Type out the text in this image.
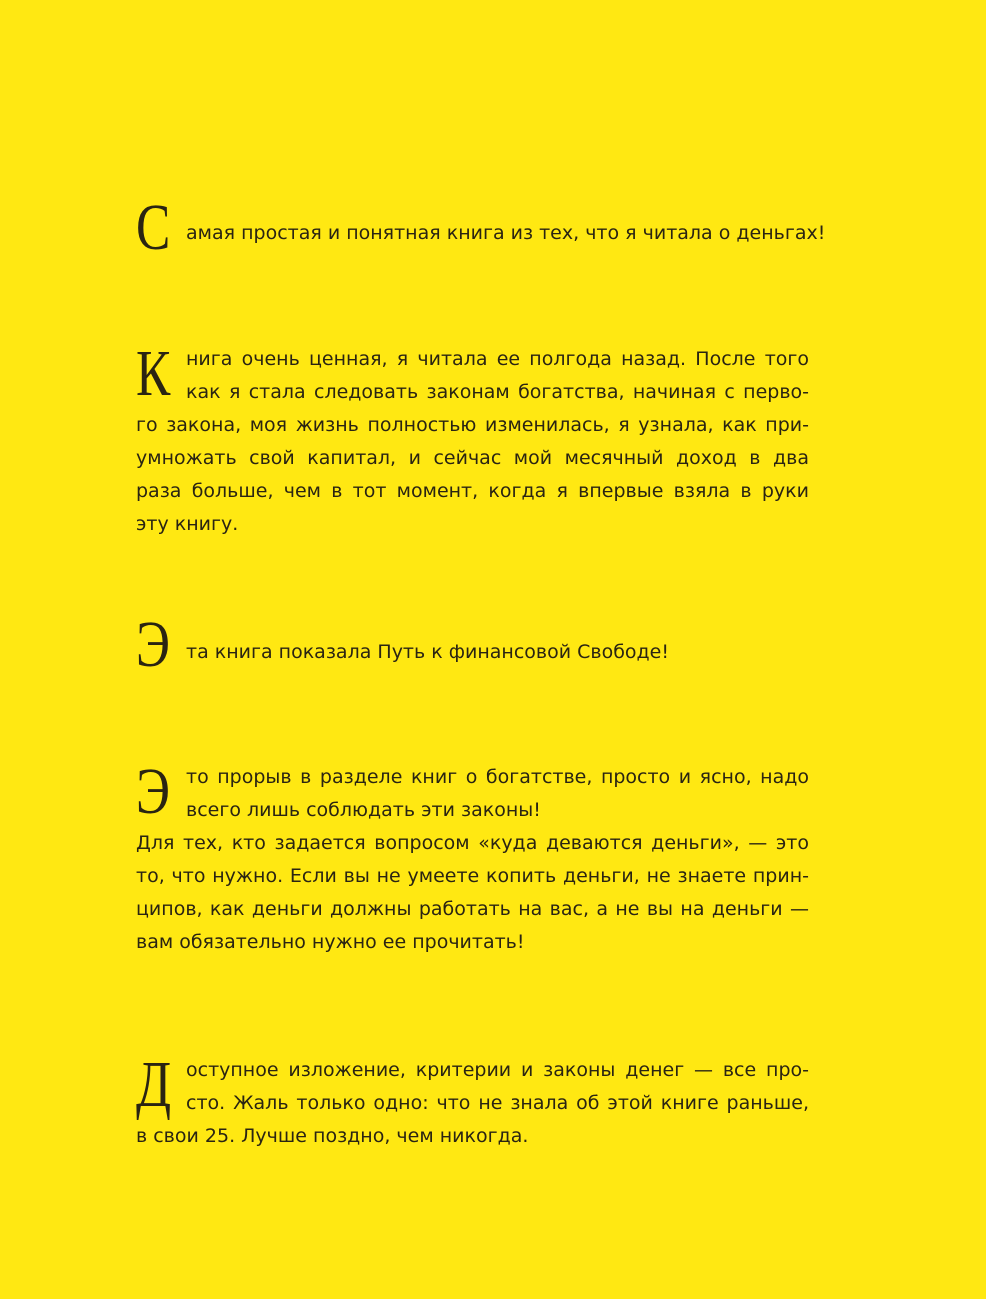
С амая простая и понятная книга из тех, что я читала о деньгах!
К нига очень ценная, я читала ее полгода назад. После того
как я стала следовать законам богатства, начиная с перво-
го закона, моя жизнь полностью изменилась, я узнала, как при-
умножать свой капитал, и сейчас мой месячный доход в два
раза больше, чем в тот момент, когда я впервые взяла в руки
эту книгу.
Э та книга показала Путь к финансовой Свободе!
Э то прорыв в разделе книг о богатстве, просто и ясно, надо
всего лишь соблюдать эти законы!
Для тех, кто задается вопросом «куда деваются деньги», — это
то, что нужно. Если вы не умеете копить деньги, не знаете прин-
ципов, как деньги должны работать на вас, а не вы на деньги —
вам обязательно нужно ее прочитать!
Д оступное изложение, критерии и законы денег — все про-
сто. Жаль только одно: что не знала об этой книге раньше,
в свои 25. Лучше поздно, чем никогда.
